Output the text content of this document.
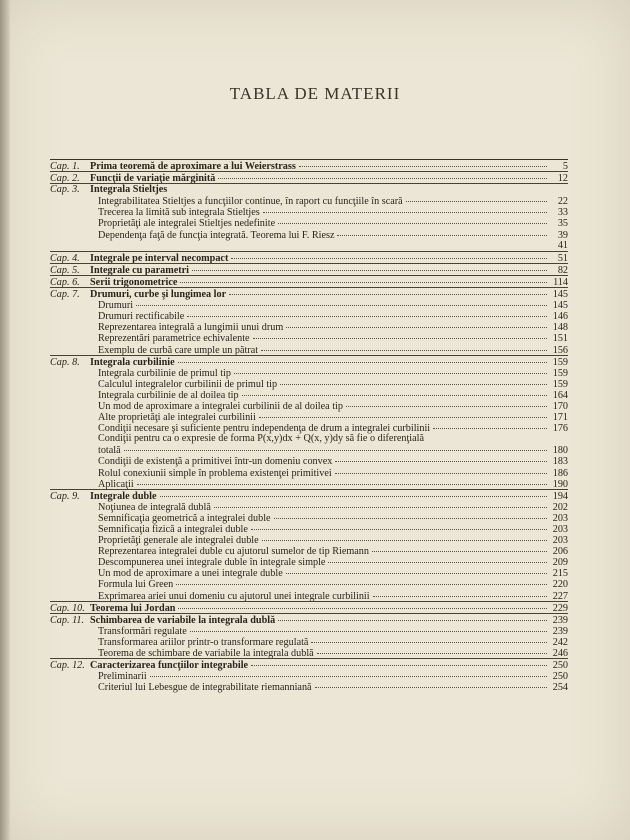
TABLA DE MATERII
Cap. 1.	Prima teoremă de aproximare a lui Weierstrass	5
Cap. 2.	Funcţii de variaţie mărginită	12
Cap. 3.	Integrala Stieltjes
Integrabilitatea Stieltjes a funcţiilor continue, în raport cu funcţiile în scară	22
Trecerea la limită sub integrala Stieltjes	33
Proprietăţi ale integralei Stieltjes nedefinite	35
Dependenţa faţă de funcţia integrată. Teorema lui F. Riesz	39
41
Cap. 4.	Integrale pe interval necompact	51
Cap. 5.	Integrale cu parametri	82
Cap. 6.	Serii trigonometrice	114
Cap. 7.	Drumuri, curbe şi lungimea lor	145
Drumuri	145
Drumuri rectificabile	146
Reprezentarea integrală a lungimii unui drum	148
Reprezentări parametrice echivalente	151
Exemplu de curbă care umple un pătrat	156
Cap. 8.	Integrala curbilinie	159
Integrala curbilinie de primul tip	159
Calculul integralelor curbilinii de primul tip	159
Integrala curbilinie de al doilea tip	164
Un mod de aproximare a integralei curbilinii de al doilea tip	170
Alte proprietăţi ale integralei curbilinii	171
Condiţii necesare şi suficiente pentru independenţa de drum a integralei curbilinii	176
Condiţii pentru ca o expresie de forma P(x,y)dx + Q(x, y)dy să fie o diferenţială
totală	180
Condiţii de existenţă a primitivei într-un domeniu convex	183
Rolul conexiunii simple în problema existenţei primitivei	186
Aplicaţii	190
Cap. 9.	Integrale duble	194
Noţiunea de integrală dublă	202
Semnificaţia geometrică a integralei duble	203
Semnificaţia fizică a integralei duble	203
Proprietăţi generale ale integralei duble	203
Reprezentarea integralei duble cu ajutorul sumelor de tip Riemann	206
Descompunerea unei integrale duble în integrale simple	209
Un mod de aproximare a unei integrale duble	215
Formula lui Green	220
Exprimarea ariei unui domeniu cu ajutorul unei integrale curbilinii	227
Cap. 10. Teorema lui Jordan	229
Cap. 11. Schimbarea de variabile la integrala dublă	239
Transformări regulate	239
Transformarea ariilor printr-o transformare regulată	242
Teorema de schimbare de variabile la integrala dublă	246
Cap. 12. Caracterizarea funcţiilor integrabile	250
Preliminarii	250
Criteriul lui Lebesgue de integrabilitate riemanniană	254
